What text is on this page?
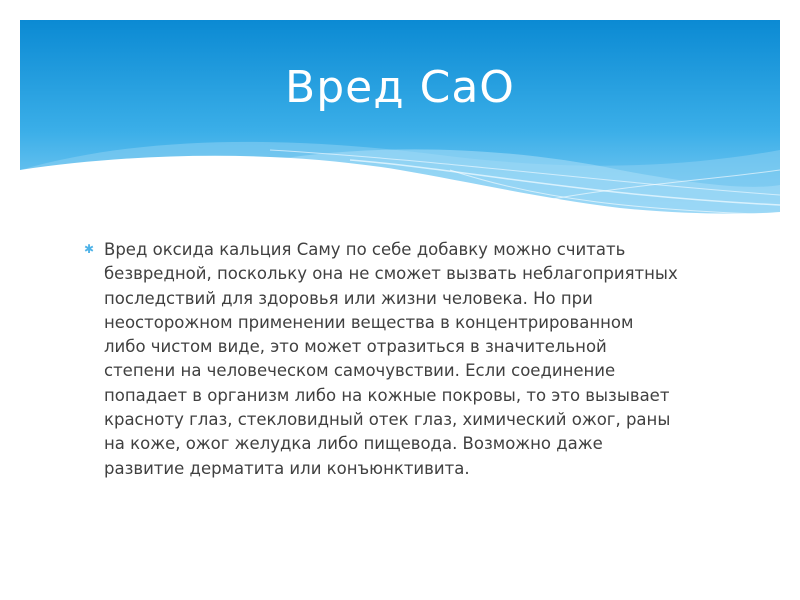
Вред CaO
✱ Вред оксида кальция Саму по себе добавку можно считать
безвредной, поскольку она не сможет вызвать неблагоприятных
последствий для здоровья или жизни человека. Но при
неосторожном применении вещества в концентрированном
либо чистом виде, это может отразиться в значительной
степени на человеческом самочувствии. Если соединение
попадает в организм либо на кожные покровы, то это вызывает
краснoту глаз, стекловидный отек глаз, химический ожог, раны
на коже, ожог желудка либо пищевода. Возможно даже
развитие дерматита или конъюнктивита.
